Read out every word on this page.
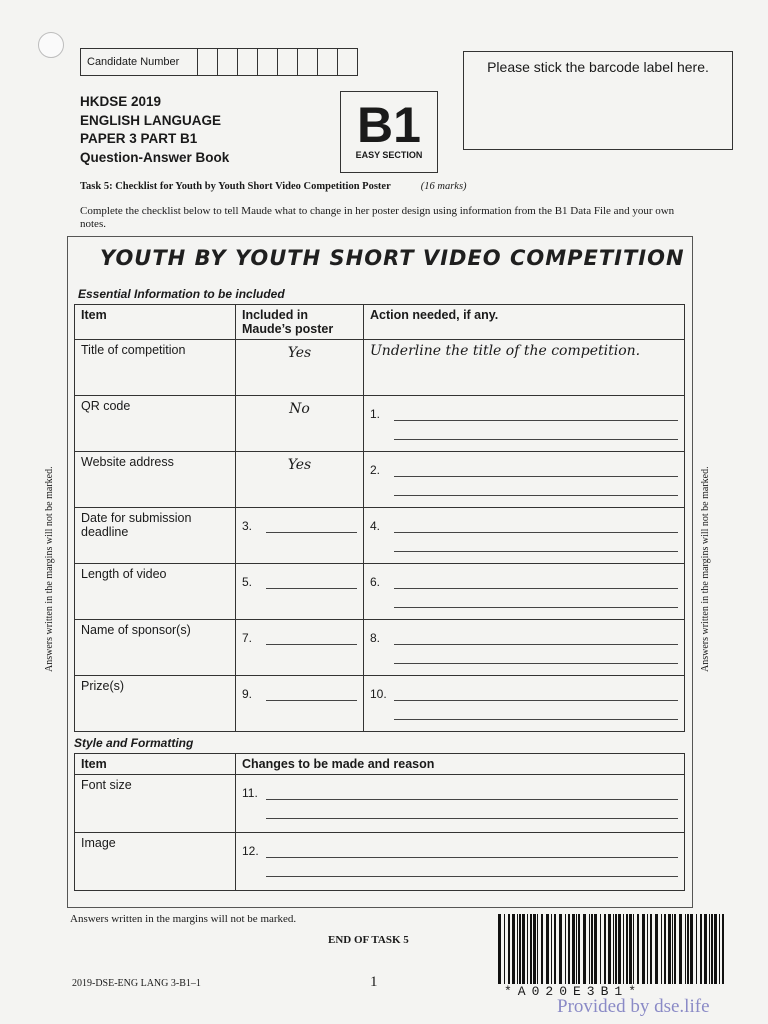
Candidate Number	Please stick the barcode label here.
HKDSE 2019
ENGLISH LANGUAGE
PAPER 3 PART B1
Question-Answer Book
B1
EASY SECTION
Task 5: Checklist for Youth by Youth Short Video Competition Poster	(16 marks)
Complete the checklist below to tell Maude what to change in her poster design using information from the B1 Data File and your own notes.
YOUTH BY YOUTH SHORT VIDEO COMPETITION
Essential Information to be included
Item	Included in Maude’s poster	Action needed, if any.
Title of competition	Yes	Underline the title of the competition.
QR code	No	1.

Website address	Yes	2.

Date for submission deadline	3.	4.

Length of video	5.	6.

Name of sponsor(s)	7.	8.

Prize(s)	9.	10.
Style and Formatting
Item	Changes to be made and reason
Font size	11.

Image	12.
Answers written in the margins will not be marked.
END OF TASK 5
2019-DSE-ENG LANG 3-B1–1	1
*A020E3B1*
Provided by dse.life
Answers written in the margins will not be marked.	Answers written in the margins will not be marked.
